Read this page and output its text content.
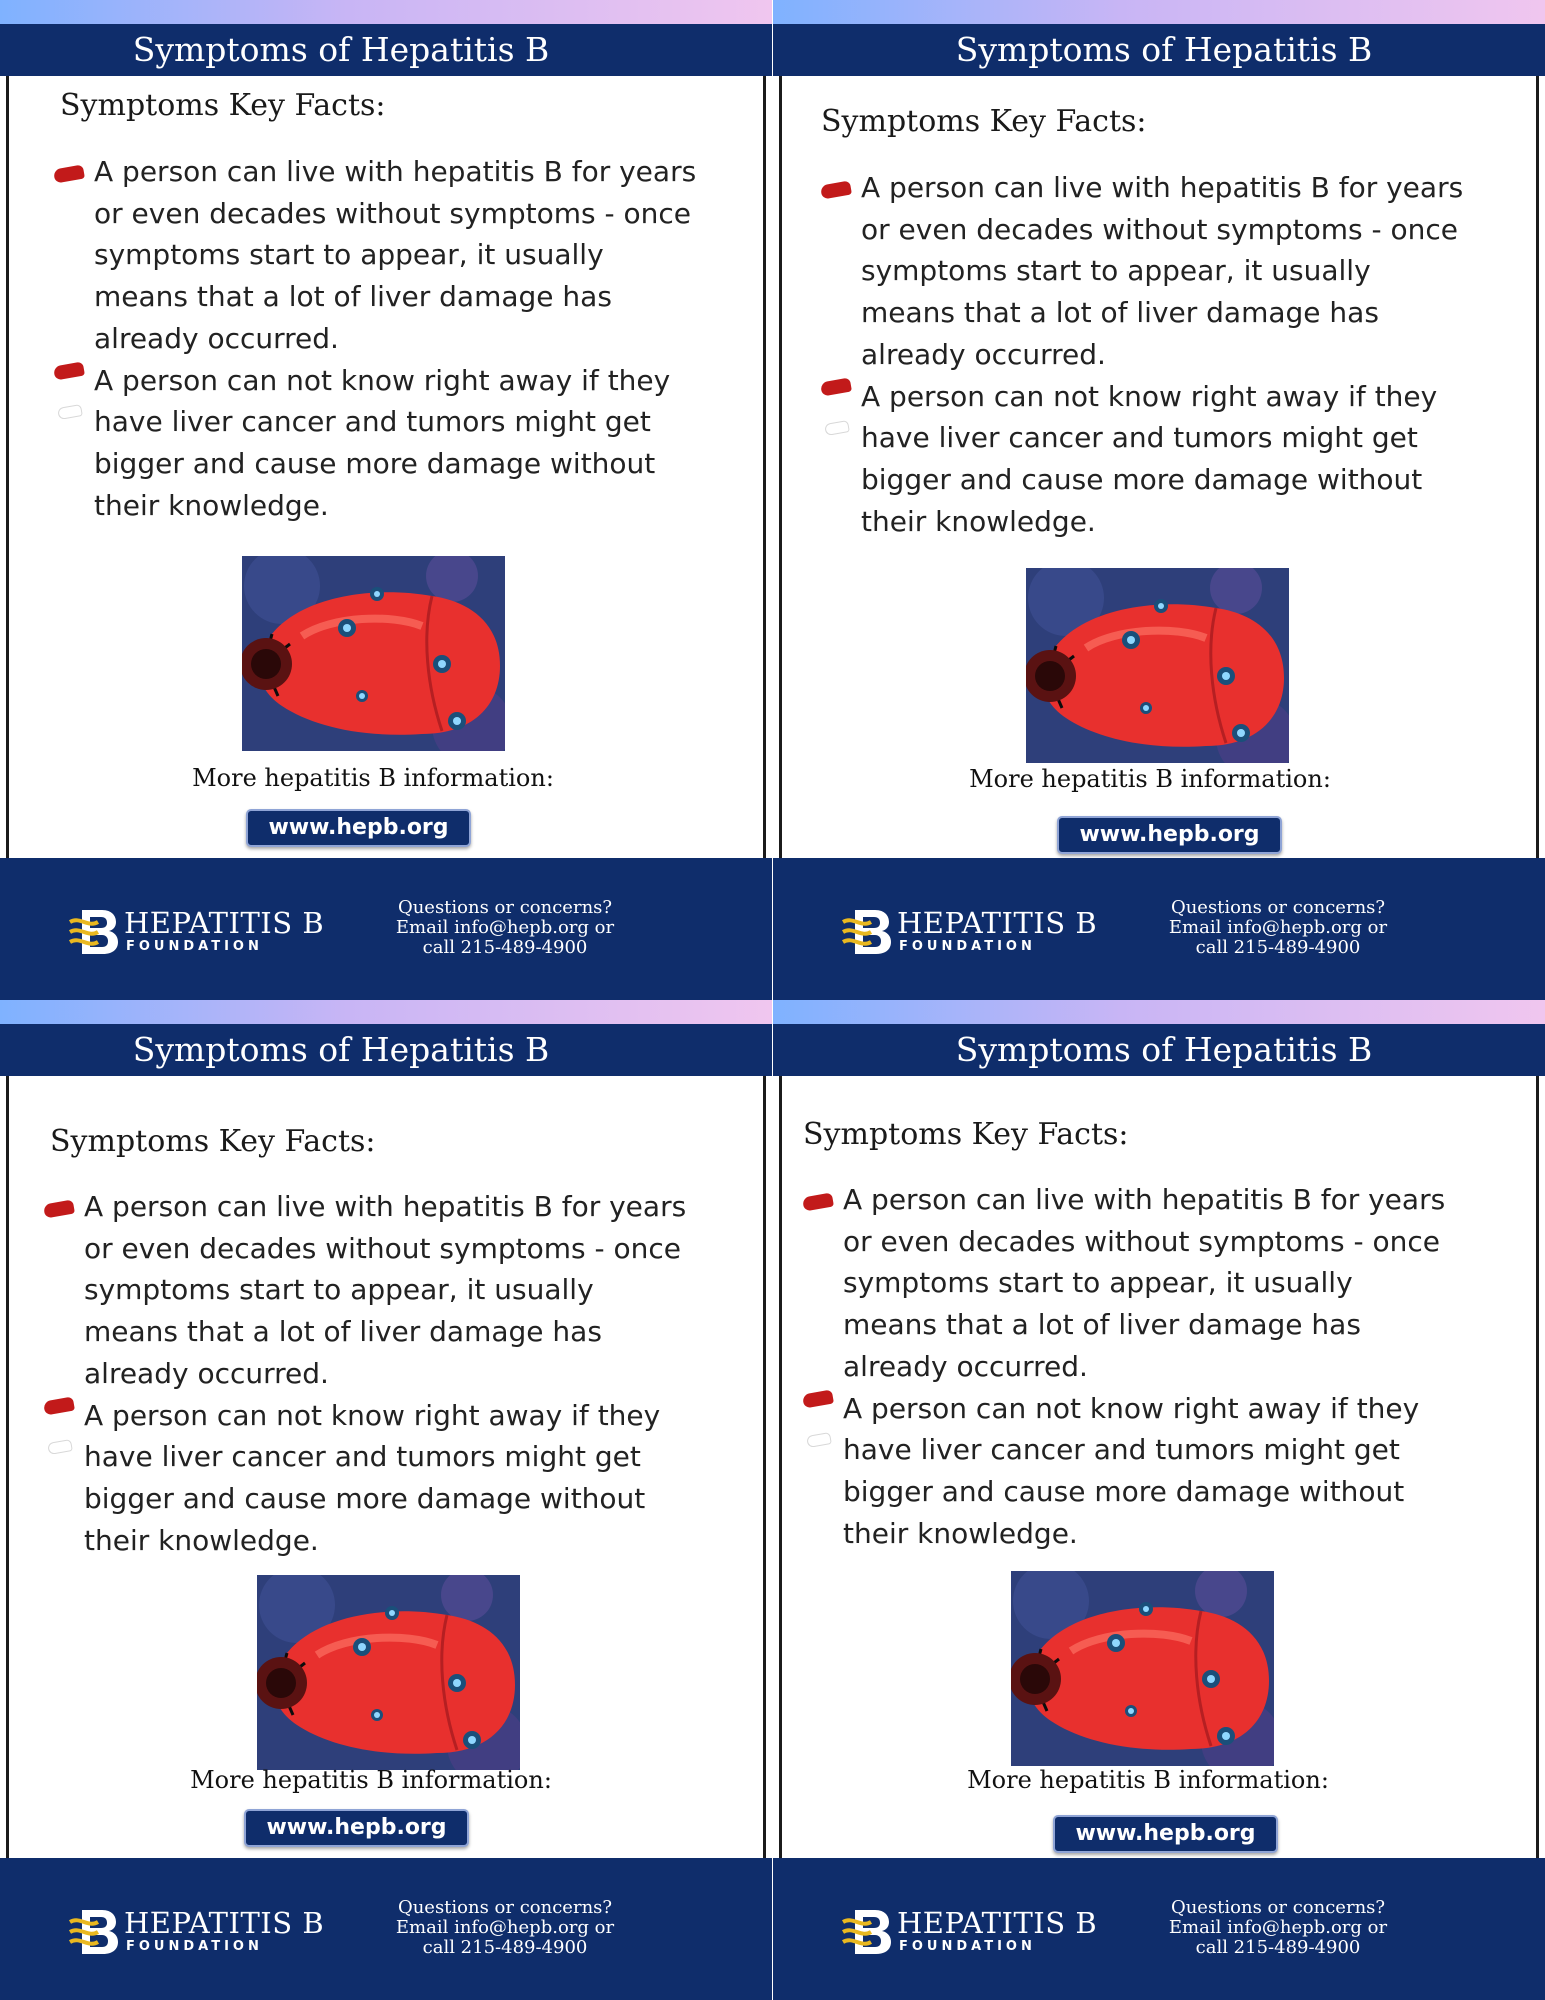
Symptoms of Hepatitis B
Symptoms Key Facts:
A person can live with hepatitis B for years or even decades without symptoms - once symptoms start to appear, it usually means that a lot of liver damage has already occurred.
A person can not know right away if they have liver cancer and tumors might get bigger and cause more damage without their knowledge.
More hepatitis B information:
www.hepb.org
HEPATITIS B
FOUNDATION
Questions or concerns?
Email info@hepb.org or
call 215-489-4900
Symptoms of Hepatitis B
Symptoms Key Facts:
A person can live with hepatitis B for years or even decades without symptoms - once symptoms start to appear, it usually means that a lot of liver damage has already occurred.
A person can not know right away if they have liver cancer and tumors might get bigger and cause more damage without their knowledge.
More hepatitis B information:
www.hepb.org
HEPATITIS B
FOUNDATION
Questions or concerns?
Email info@hepb.org or
call 215-489-4900
Symptoms of Hepatitis B
Symptoms Key Facts:
A person can live with hepatitis B for years or even decades without symptoms - once symptoms start to appear, it usually means that a lot of liver damage has already occurred.
A person can not know right away if they have liver cancer and tumors might get bigger and cause more damage without their knowledge.
More hepatitis B information:
www.hepb.org
HEPATITIS B
FOUNDATION
Questions or concerns?
Email info@hepb.org or
call 215-489-4900
Symptoms of Hepatitis B
Symptoms Key Facts:
A person can live with hepatitis B for years or even decades without symptoms - once symptoms start to appear, it usually means that a lot of liver damage has already occurred.
A person can not know right away if they have liver cancer and tumors might get bigger and cause more damage without their knowledge.
More hepatitis B information:
www.hepb.org
HEPATITIS B
FOUNDATION
Questions or concerns?
Email info@hepb.org or
call 215-489-4900
